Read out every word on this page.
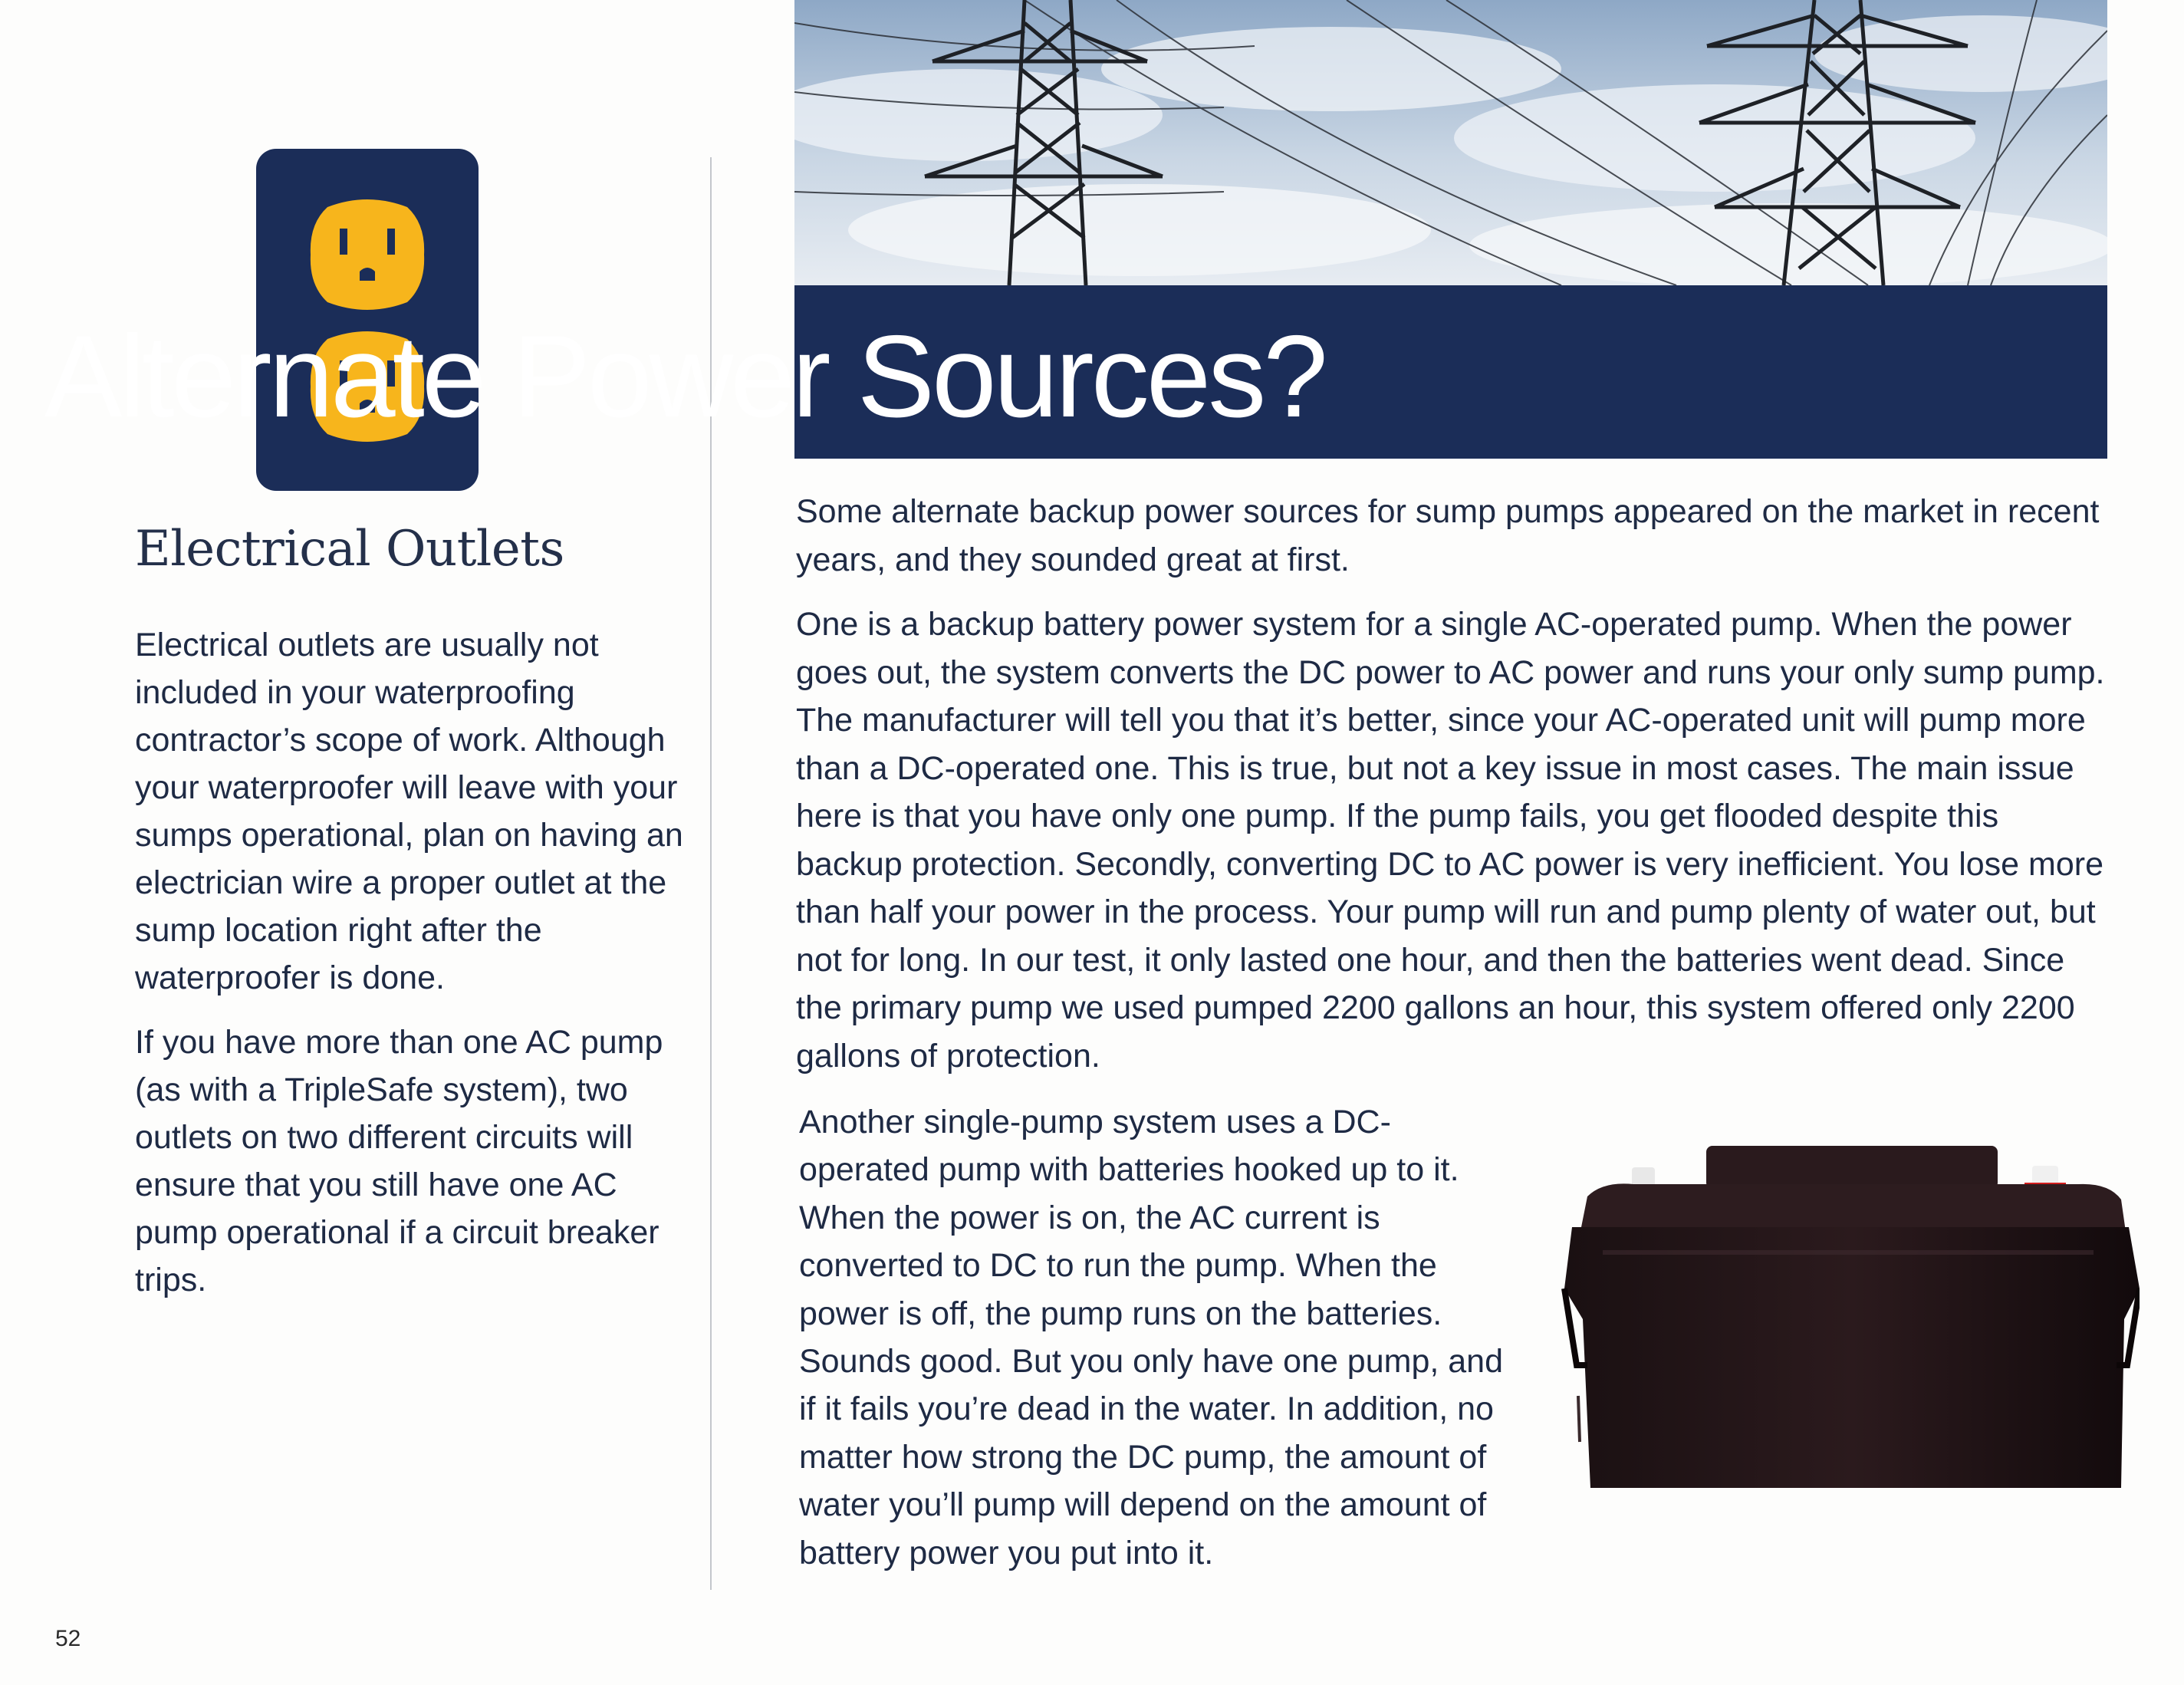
Electrical Outlets

Electrical outlets are usually not included in your waterproofing contractor’s scope of work. Although your waterproofer will leave with your sumps operational, plan on having an electrician wire a proper outlet at the sump location right after the waterproofer is done.

If you have more than one AC pump (as with a TripleSafe system), two outlets on two different circuits will ensure that you still have one AC pump operational if a circuit breaker trips.

Alternate Power Sources?

Some alternate backup power sources for sump pumps appeared on the market in recent years, and they sounded great at first.

One is a backup battery power system for a single AC-operated pump. When the power goes out, the system converts the DC power to AC power and runs your only sump pump. The manufacturer will tell you that it’s better, since your AC-operated unit will pump more than a DC-operated one. This is true, but not a key issue in most cases. The main issue here is that you have only one pump. If the pump fails, you get flooded despite this backup protection. Secondly, converting DC to AC power is very inefficient. You lose more than half your power in the process. Your pump will run and pump plenty of water out, but not for long. In our test, it only lasted one hour, and then the batteries went dead. Since the primary pump we used pumped 2200 gallons an hour, this system offered only 2200 gallons of protection.

Another single-pump system uses a DC-operated pump with batteries hooked up to it. When the power is on, the AC current is converted to DC to run the pump. When the power is off, the pump runs on the batteries. Sounds good. But you only have one pump, and if it fails you’re dead in the water. In addition, no matter how strong the DC pump, the amount of water you’ll pump will depend on the amount of battery power you put into it.

52
